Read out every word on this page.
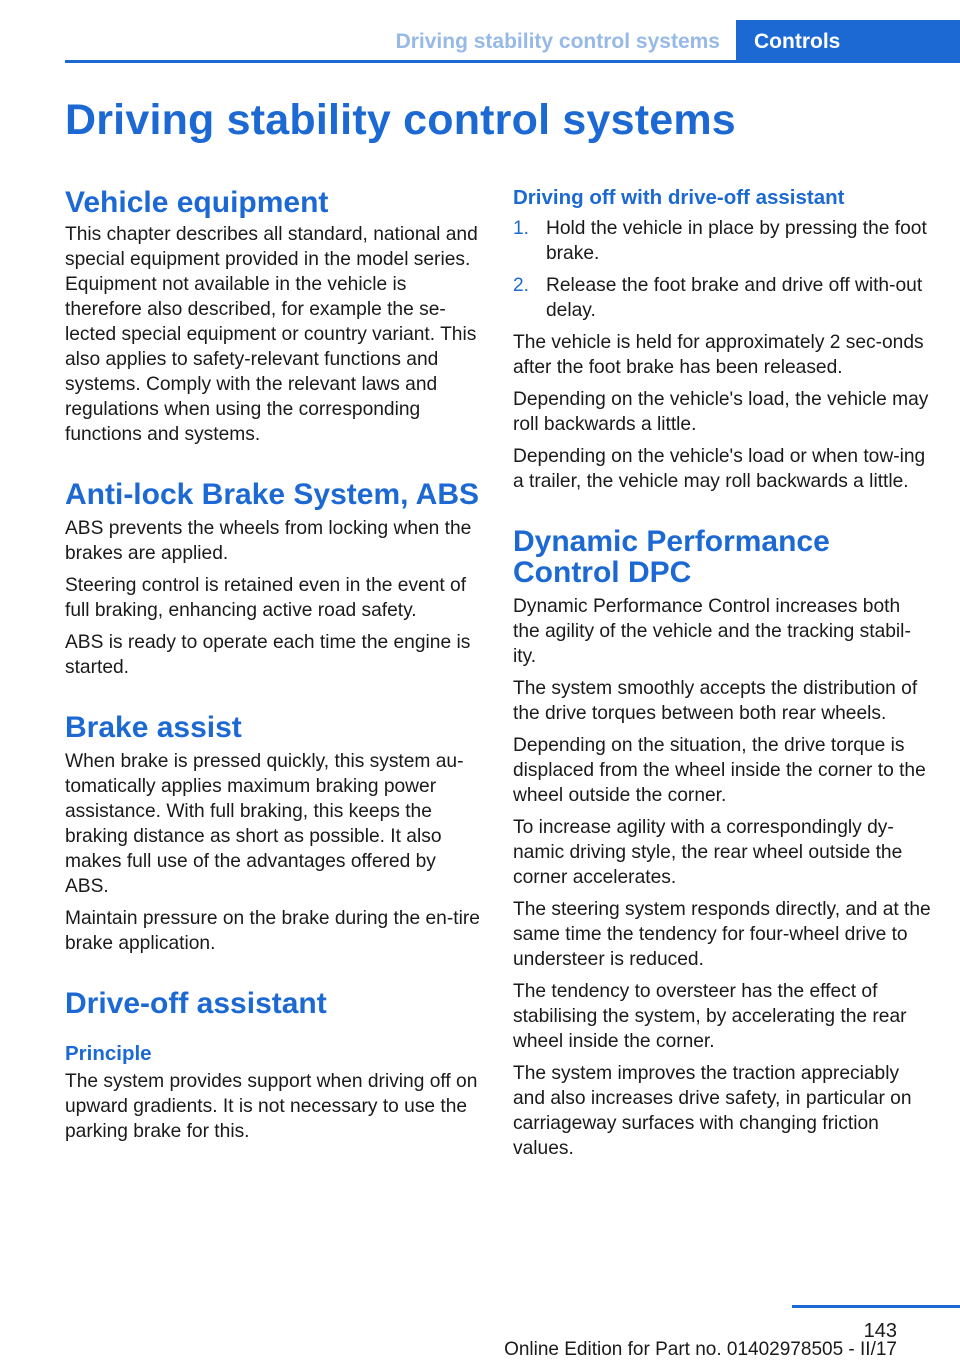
Driving stability control systems	Controls
Driving stability control systems
Vehicle equipment

This chapter describes all standard, national and special equipment provided in the model series. Equipment not available in the vehicle is therefore also described, for example the se‐lected special equipment or country variant. This also applies to safety-relevant functions and systems. Comply with the relevant laws and regulations when using the corresponding functions and systems.

Anti-lock Brake System, ABS

ABS prevents the wheels from locking when the brakes are applied.

Steering control is retained even in the event of full braking, enhancing active road safety.

ABS is ready to operate each time the engine is started.

Brake assist

When brake is pressed quickly, this system au‐tomatically applies maximum braking power assistance. With full braking, this keeps the braking distance as short as possible. It also makes full use of the advantages offered by ABS.

Maintain pressure on the brake during the en‐tire brake application.

Drive-off assistant
Principle

The system provides support when driving off on upward gradients. It is not necessary to use the parking brake for this.

Driving off with drive-off assistant
1. Hold the vehicle in place by pressing the foot brake.
2. Release the foot brake and drive off with‐out delay.

The vehicle is held for approximately 2 sec‐onds after the foot brake has been released.

Depending on the vehicle's load, the vehicle may roll backwards a little.

Depending on the vehicle's load or when tow‐ing a trailer, the vehicle may roll backwards a little.

Dynamic Performance Control DPC

Dynamic Performance Control increases both the agility of the vehicle and the tracking stabil‐ity.

The system smoothly accepts the distribution of the drive torques between both rear wheels.

Depending on the situation, the drive torque is displaced from the wheel inside the corner to the wheel outside the corner.

To increase agility with a correspondingly dy‐namic driving style, the rear wheel outside the corner accelerates.

The steering system responds directly, and at the same time the tendency for four-wheel drive to understeer is reduced.

The tendency to oversteer has the effect of stabilising the system, by accelerating the rear wheel inside the corner.

The system improves the traction appreciably and also increases drive safety, in particular on carriageway surfaces with changing friction values.

143
Online Edition for Part no. 01402978505 - II/17
